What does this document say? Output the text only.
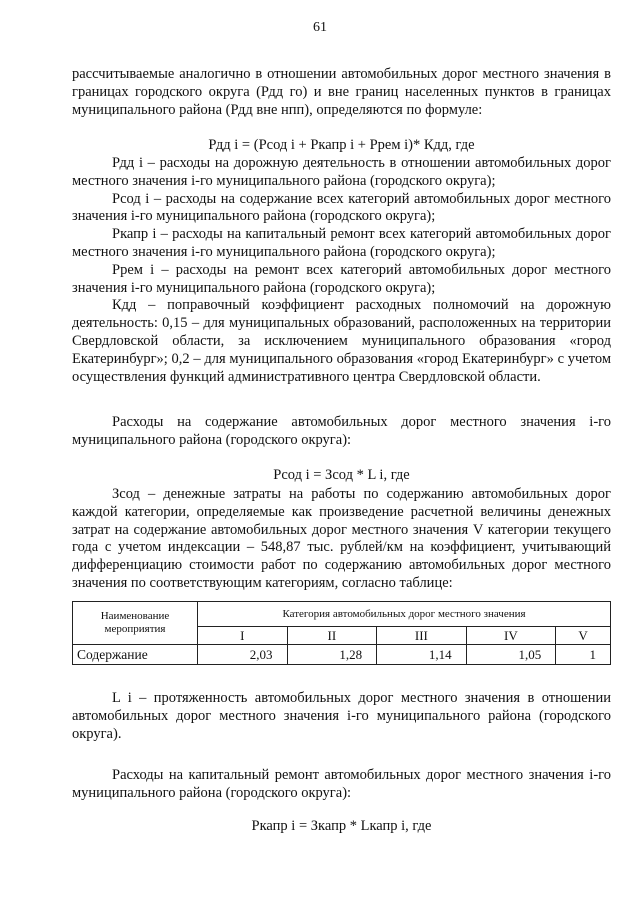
61

рассчитываемые аналогично в отношении автомобильных дорог местного значения в границах городского округа (Рдд го) и вне границ населенных пунктов в границах муниципального района (Рдд вне нпп), определяются по формуле:

Рдд i = (Рсод i + Ркапр i + Ррем i)* Кдд, где

Рдд i – расходы на дорожную деятельность в отношении автомобильных дорог местного значения i-го муниципального района (городского округа);

Рсод i – расходы на содержание всех категорий автомобильных дорог местного значения i-го муниципального района (городского округа);

Ркапр i – расходы на капитальный ремонт всех категорий автомобильных дорог местного значения i-го муниципального района (городского округа);

Ррем i – расходы на ремонт всех категорий автомобильных дорог местного значения i-го муниципального района (городского округа);

Кдд – поправочный коэффициент расходных полномочий на дорожную деятельность: 0,15 – для муниципальных образований, расположенных на территории Свердловской области, за исключением муниципального образования «город Екатеринбург»; 0,2 – для муниципального образования «город Екатеринбург» с учетом осуществления функций административного центра Свердловской области.

Расходы на содержание автомобильных дорог местного значения i-го муниципального района (городского округа):

Рсод i = Зсод * L i, где

Зсод – денежные затраты на работы по содержанию автомобильных дорог каждой категории, определяемые как произведение расчетной величины денежных затрат на содержание автомобильных дорог местного значения V категории текущего года с учетом индексации – 548,87 тыс. рублей/км на коэффициент, учитывающий дифференциацию стоимости работ по содержанию автомобильных дорог местного значения по соответствующим категориям, согласно таблице:

Наименование мероприятия	Категория автомобильных дорог местного значения				
	I	II	III	IV	V
Содержание	2,03	1,28	1,14	1,05	1

L i – протяженность автомобильных дорог местного значения в отношении автомобильных дорог местного значения i-го муниципального района (городского округа).

Расходы на капитальный ремонт автомобильных дорог местного значения i-го муниципального района (городского округа):

Ркапр i = Зкапр * Lкапр i, где
